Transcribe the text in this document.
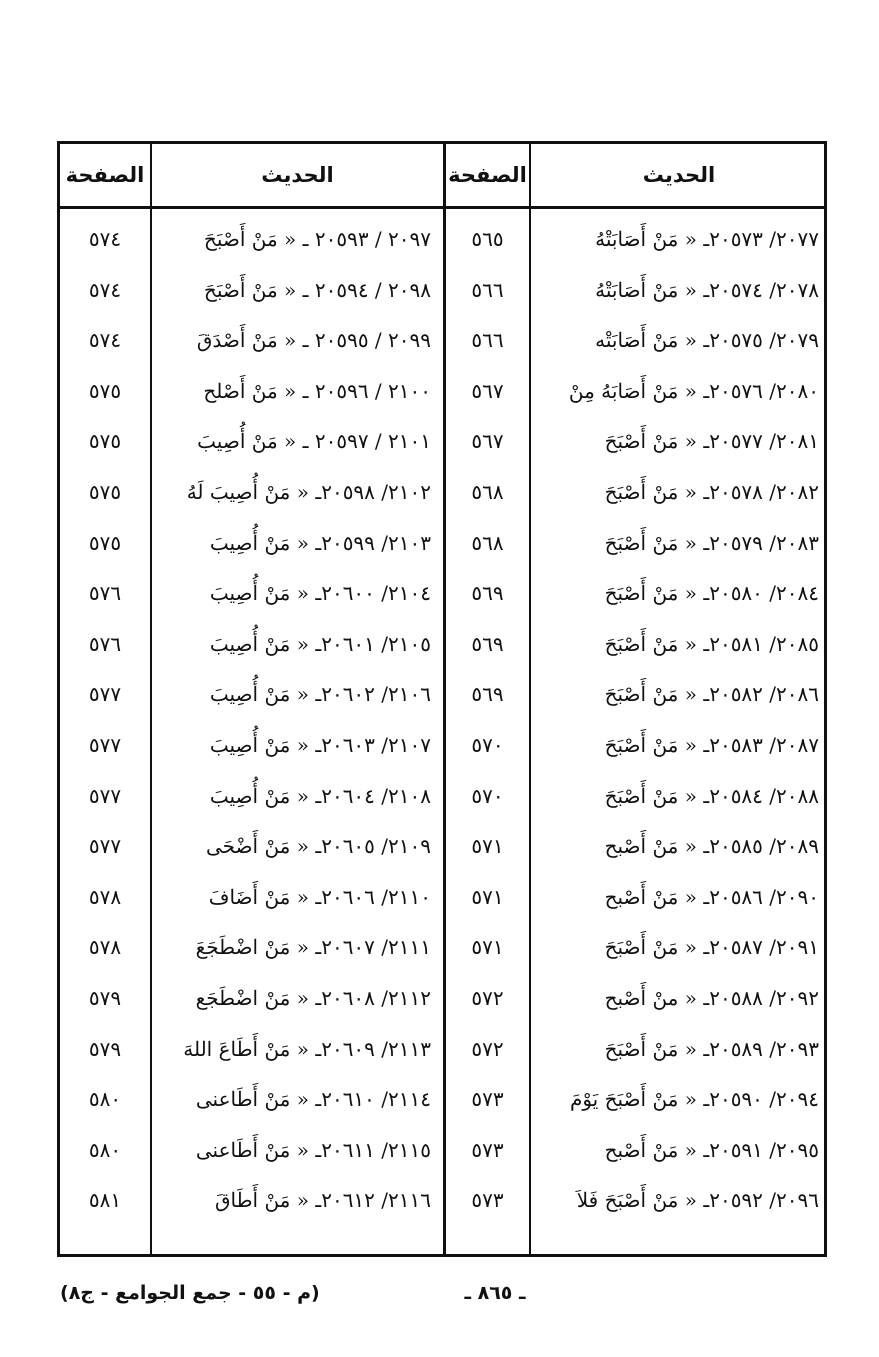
الحديث
الصفحة
الحديث
الصفحة
٢٠٧٧/ ٢٠٥٧٣ـ « مَنْ أَصَابَتْهُ
٥٦٥
٢٠٧٨/ ٢٠٥٧٤ـ « مَنْ أَصَابَتْهُ
٥٦٦
٢٠٧٩/ ٢٠٥٧٥ـ « مَنْ أَصَابَتْه
٥٦٦
٢٠٨٠/ ٢٠٥٧٦ـ « مَنْ أَصَابَهُ مِنْ
٥٦٧
٢٠٨١/ ٢٠٥٧٧ـ « مَنْ أَصْبَحَ
٥٦٧
٢٠٨٢/ ٢٠٥٧٨ـ « مَنْ أَصْبَحَ
٥٦٨
٢٠٨٣/ ٢٠٥٧٩ـ « مَنْ أَصْبَحَ
٥٦٨
٢٠٨٤/ ٢٠٥٨٠ـ « مَنْ أَصْبَحَ
٥٦٩
٢٠٨٥/ ٢٠٥٨١ـ « مَنْ أَصْبَحَ
٥٦٩
٢٠٨٦/ ٢٠٥٨٢ـ « مَنْ أَصْبَحَ
٥٦٩
٢٠٨٧/ ٢٠٥٨٣ـ « مَنْ أَصْبَحَ
٥٧٠
٢٠٨٨/ ٢٠٥٨٤ـ « مَنْ أَصْبَحَ
٥٧٠
٢٠٨٩/ ٢٠٥٨٥ـ « مَنْ أَصْبح
٥٧١
٢٠٩٠/ ٢٠٥٨٦ـ « مَنْ أَصْبح
٥٧١
٢٠٩١/ ٢٠٥٨٧ـ « مَنْ أَصْبَحَ
٥٧١
٢٠٩٢/ ٢٠٥٨٨ـ « منْ أَصْبح
٥٧٢
٢٠٩٣/ ٢٠٥٨٩ـ « مَنْ أَصْبَحَ
٥٧٢
٢٠٩٤/ ٢٠٥٩٠ـ « مَنْ أَصْبَحَ يَوْمَ
٥٧٣
٢٠٩٥/ ٢٠٥٩١ـ « مَنْ أَصْبح
٥٧٣
٢٠٩٦/ ٢٠٥٩٢ـ « مَنْ أَصْبَحَ فَلاَ
٥٧٣
٢٠٩٧ / ٢٠٥٩٣ ـ « مَنْ أَصْبَحَ
٥٧٤
٢٠٩٨ / ٢٠٥٩٤ ـ « مَنْ أَصْبَحَ
٥٧٤
٢٠٩٩ / ٢٠٥٩٥ ـ « مَنْ أَصْدَقَ
٥٧٤
٢١٠٠ / ٢٠٥٩٦ ـ « مَنْ أَصْلح
٥٧٥
٢١٠١ / ٢٠٥٩٧ ـ « مَنْ أُصِيبَ
٥٧٥
٢١٠٢/ ٢٠٥٩٨ـ « مَنْ أُصِيبَ لَهُ
٥٧٥
٢١٠٣/ ٢٠٥٩٩ـ « مَنْ أُصِيبَ
٥٧٥
٢١٠٤/ ٢٠٦٠٠ـ « مَنْ أُصِيبَ
٥٧٦
٢١٠٥/ ٢٠٦٠١ـ « مَنْ أُصِيبَ
٥٧٦
٢١٠٦/ ٢٠٦٠٢ـ « مَنْ أُصِيبَ
٥٧٧
٢١٠٧/ ٢٠٦٠٣ـ « مَنْ أُصِيبَ
٥٧٧
٢١٠٨/ ٢٠٦٠٤ـ « مَنْ أُصِيبَ
٥٧٧
٢١٠٩/ ٢٠٦٠٥ـ « مَنْ أَضْحَى
٥٧٧
٢١١٠/ ٢٠٦٠٦ـ « مَنْ أَضَافَ
٥٧٨
٢١١١/ ٢٠٦٠٧ـ « مَنْ اضْطَجَعَ
٥٧٨
٢١١٢/ ٢٠٦٠٨ـ « مَنْ اضْطَجَع
٥٧٩
٢١١٣/ ٢٠٦٠٩ـ « مَنْ أَطَاعَ اللهَ
٥٧٩
٢١١٤/ ٢٠٦١٠ـ « مَنْ أَطَاعنى
٥٨٠
٢١١٥/ ٢٠٦١١ـ « مَنْ أَطَاعنى
٥٨٠
٢١١٦/ ٢٠٦١٢ـ « مَنْ أَطَاقَ
٥٨١
(م - ٥٥ - جمع الجوامع - ج٨)	ـ ٨٦٥ ـ
